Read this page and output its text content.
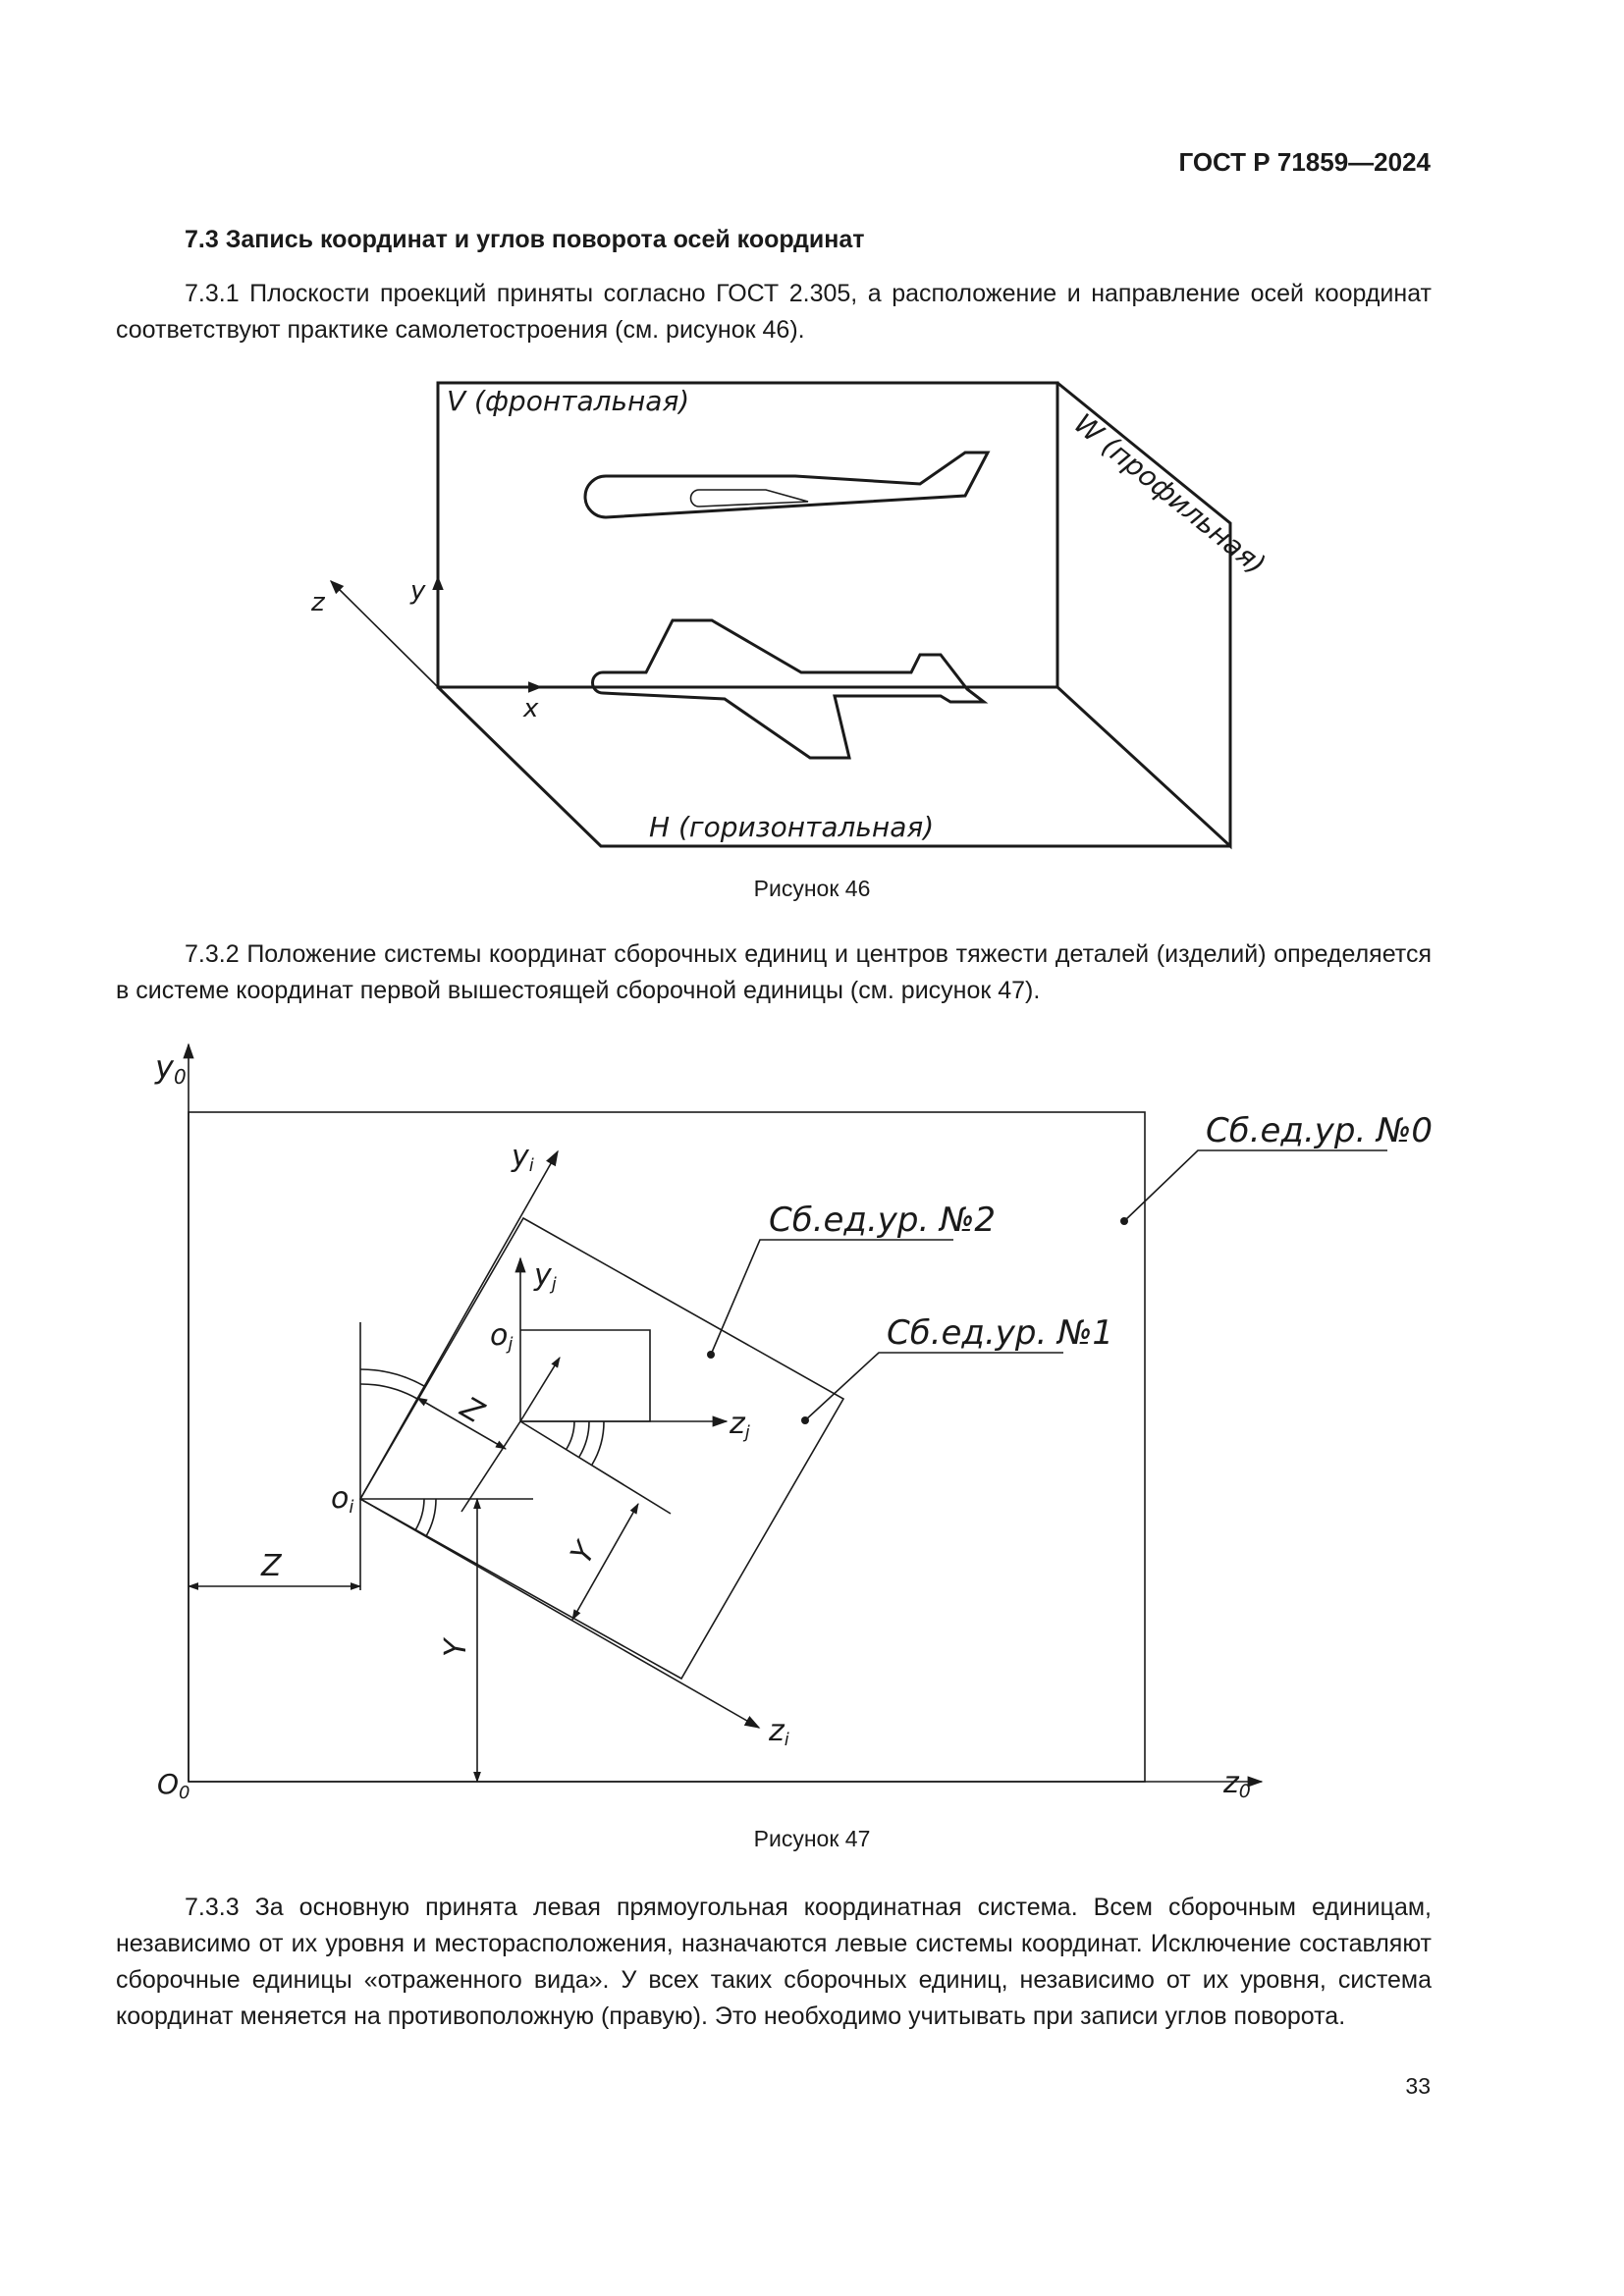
ГОСТ Р 71859—2024

7.3 Запись координат и углов поворота осей координат

7.3.1 Плоскости проекций приняты согласно ГОСТ 2.305, а расположение и направление осей координат соответствуют практике самолетостроения (см. рисунок 46).

V (фронтальная)
W (профильная)
H (горизонтальная)
x
y
z

Рисунок 46

7.3.2 Положение системы координат сборочных единиц и центров тяжести деталей (изделий) определяется в системе координат первой вышестоящей сборочной единицы (см. рисунок 47).

Сб.ед.ур. №0
Сб.ед.ур. №2
Сб.ед.ур. №1
y0
z0
O0
yi
yj
zi
zj
oi
oj
Z
Y
Z
Y

Рисунок 47

7.3.3 За основную принята левая прямоугольная координатная система. Всем сборочным единицам, независимо от их уровня и месторасположения, назначаются левые системы координат. Исключение составляют сборочные единицы «отраженного вида». У всех таких сборочных единиц, независимо от их уровня, система координат меняется на противоположную (правую). Это необходимо учитывать при записи углов поворота.

33
